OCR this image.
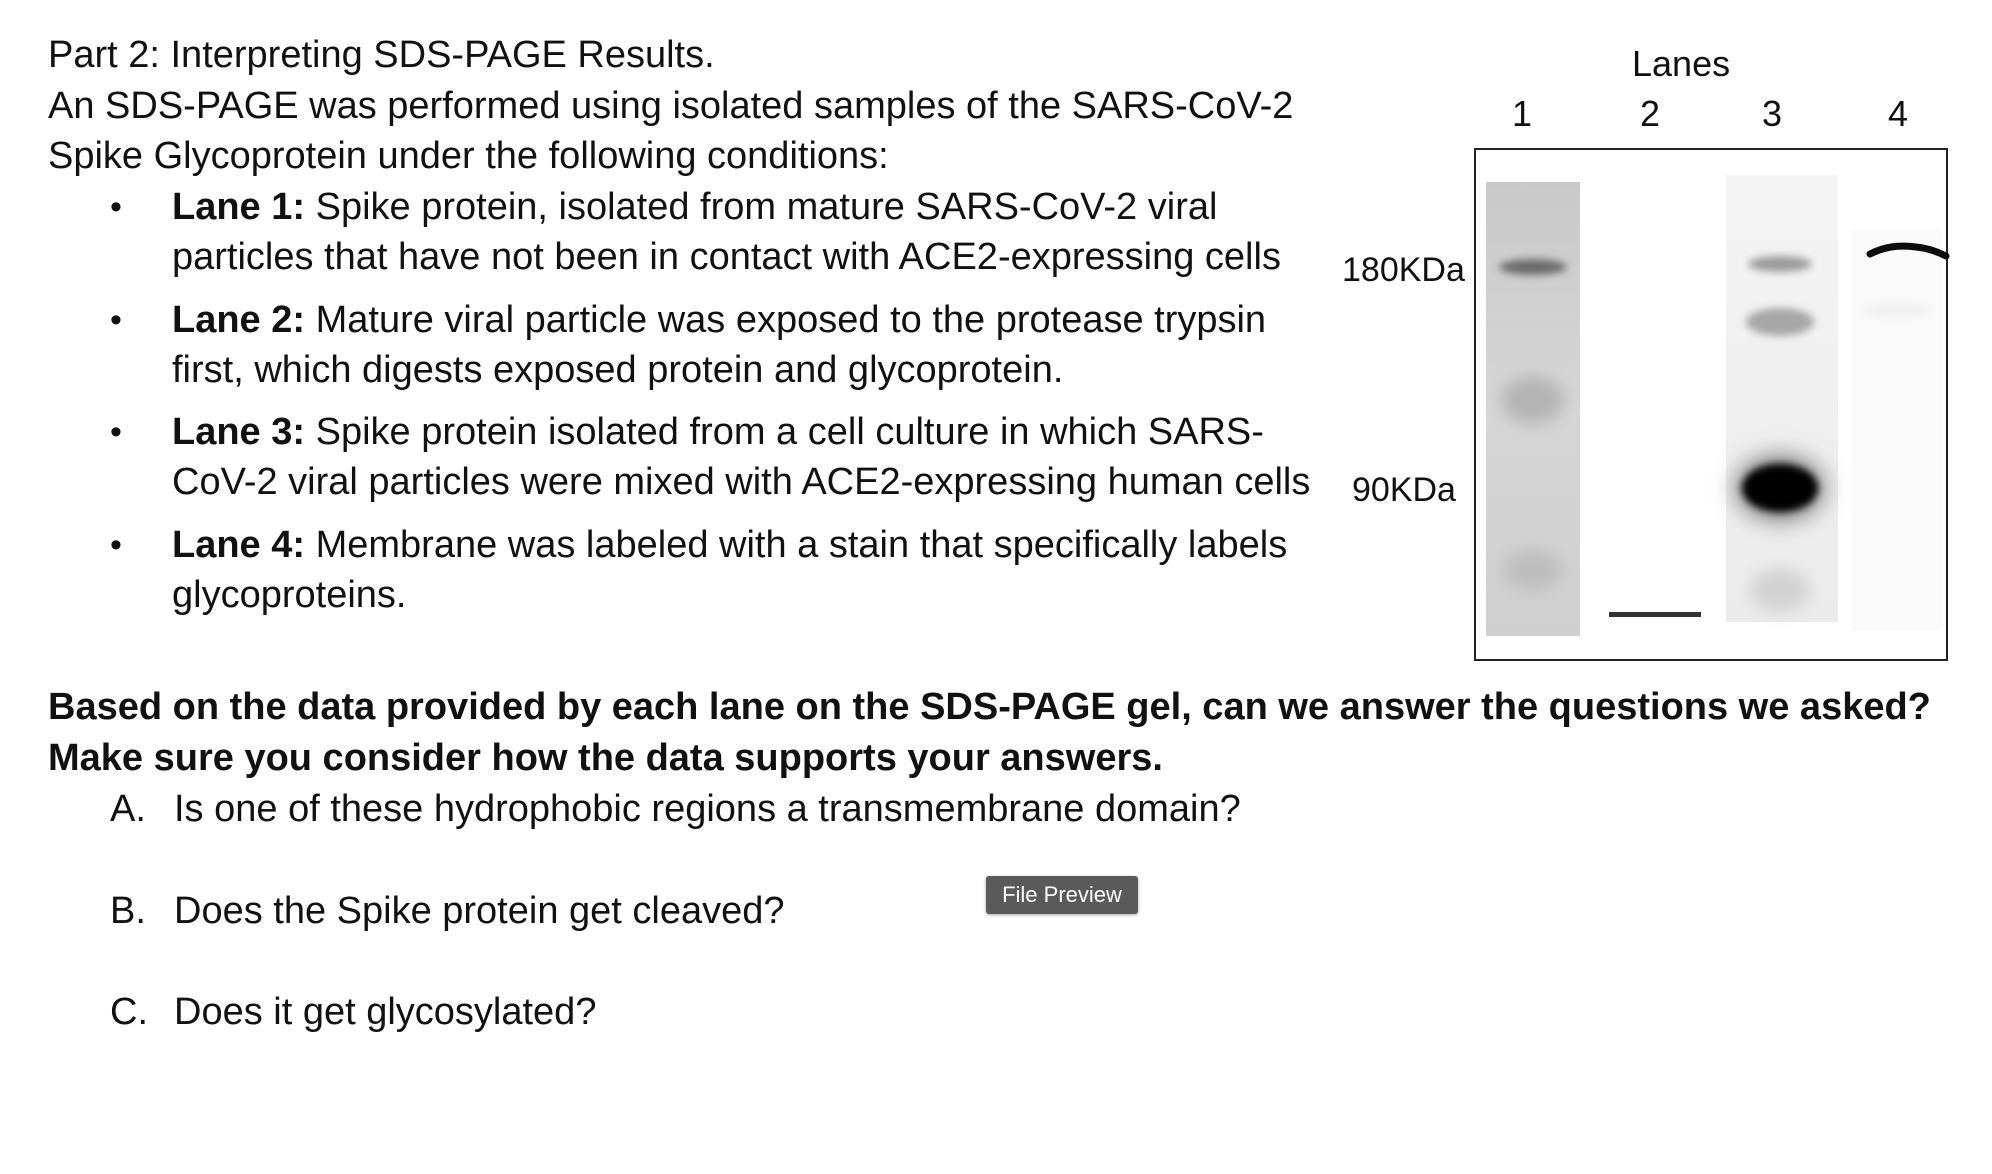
Part 2: Interpreting SDS-PAGE Results.
An SDS-PAGE was performed using isolated samples of the SARS-CoV-2
Spike Glycoprotein under the following conditions:
• Lane 1: Spike protein, isolated from mature SARS-CoV-2 viral
particles that have not been in contact with ACE2-expressing cells
• Lane 2: Mature viral particle was exposed to the protease trypsin
first, which digests exposed protein and glycoprotein.
• Lane 3: Spike protein isolated from a cell culture in which SARS-
CoV-2 viral particles were mixed with ACE2-expressing human cells
• Lane 4: Membrane was labeled with a stain that specifically labels
glycoproteins.
Lanes
1	2	3	4
180KDa
90KDa
Based on the data provided by each lane on the SDS-PAGE gel, can we answer the questions we asked?
Make sure you consider how the data supports your answers.
A. Is one of these hydrophobic regions a transmembrane domain?
B. Does the Spike protein get cleaved?
C. Does it get glycosylated?
File Preview
